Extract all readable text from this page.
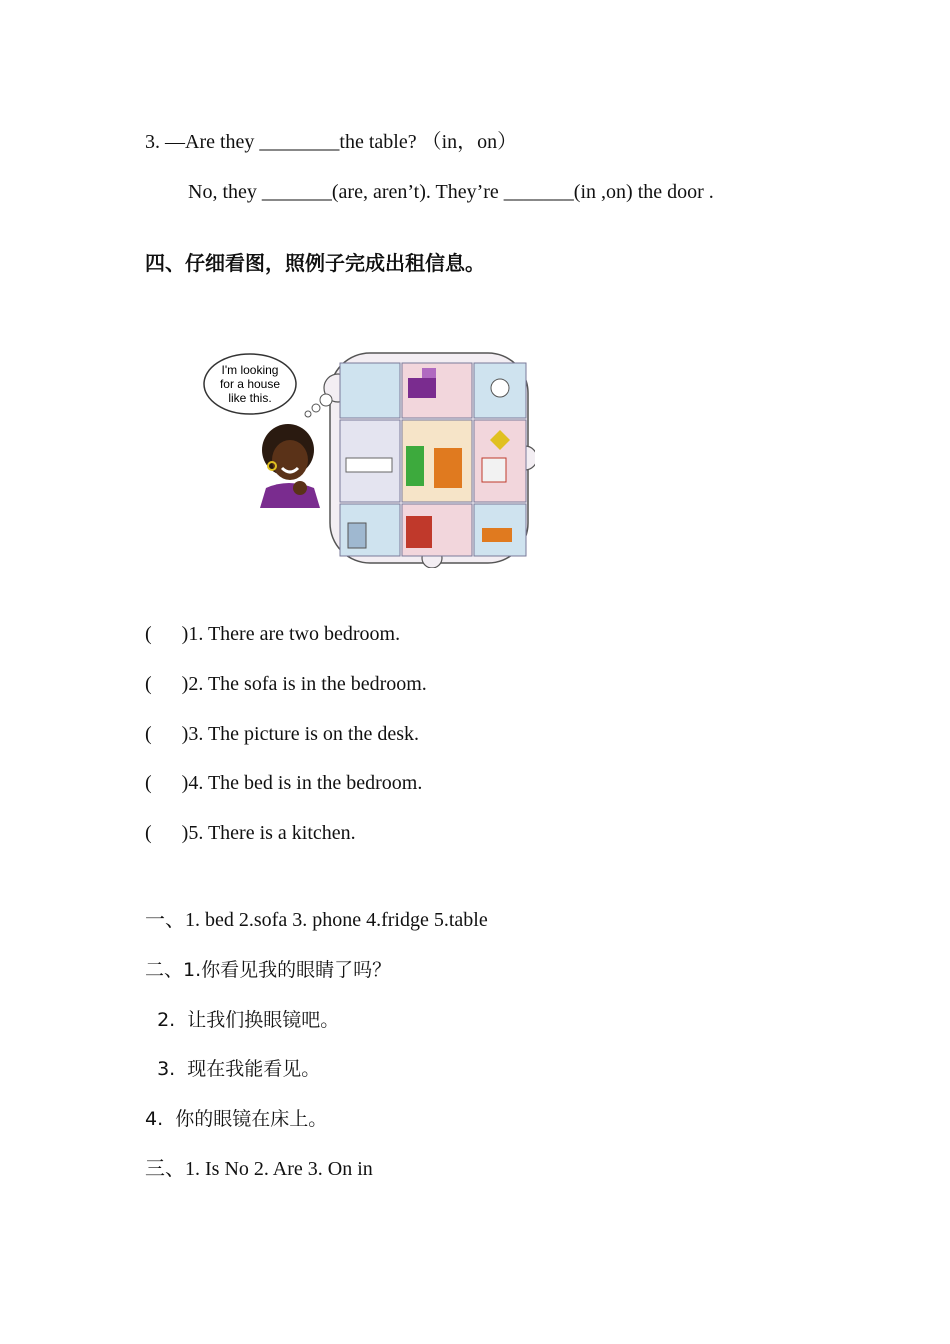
3. —Are they ________the table? （in，on）
No, they _______(are, aren’t). They’re _______(in ,on) the door .
四、仔细看图，照例子完成出租信息。
I'm looking
for a house
like this.
(      )1. There are two bedroom.
(      )2. The sofa is in the bedroom.
(      )3. The picture is on the desk.
(      )4. The bed is in the bedroom.
(      )5. There is a kitchen.
一、1. bed 2.sofa 3. phone 4.fridge 5.table
二、1.你看见我的眼睛了吗？
2.  让我们换眼镜吧。
3.  现在我能看见。
4.  你的眼镜在床上。
三、1. Is No 2. Are 3. On in
